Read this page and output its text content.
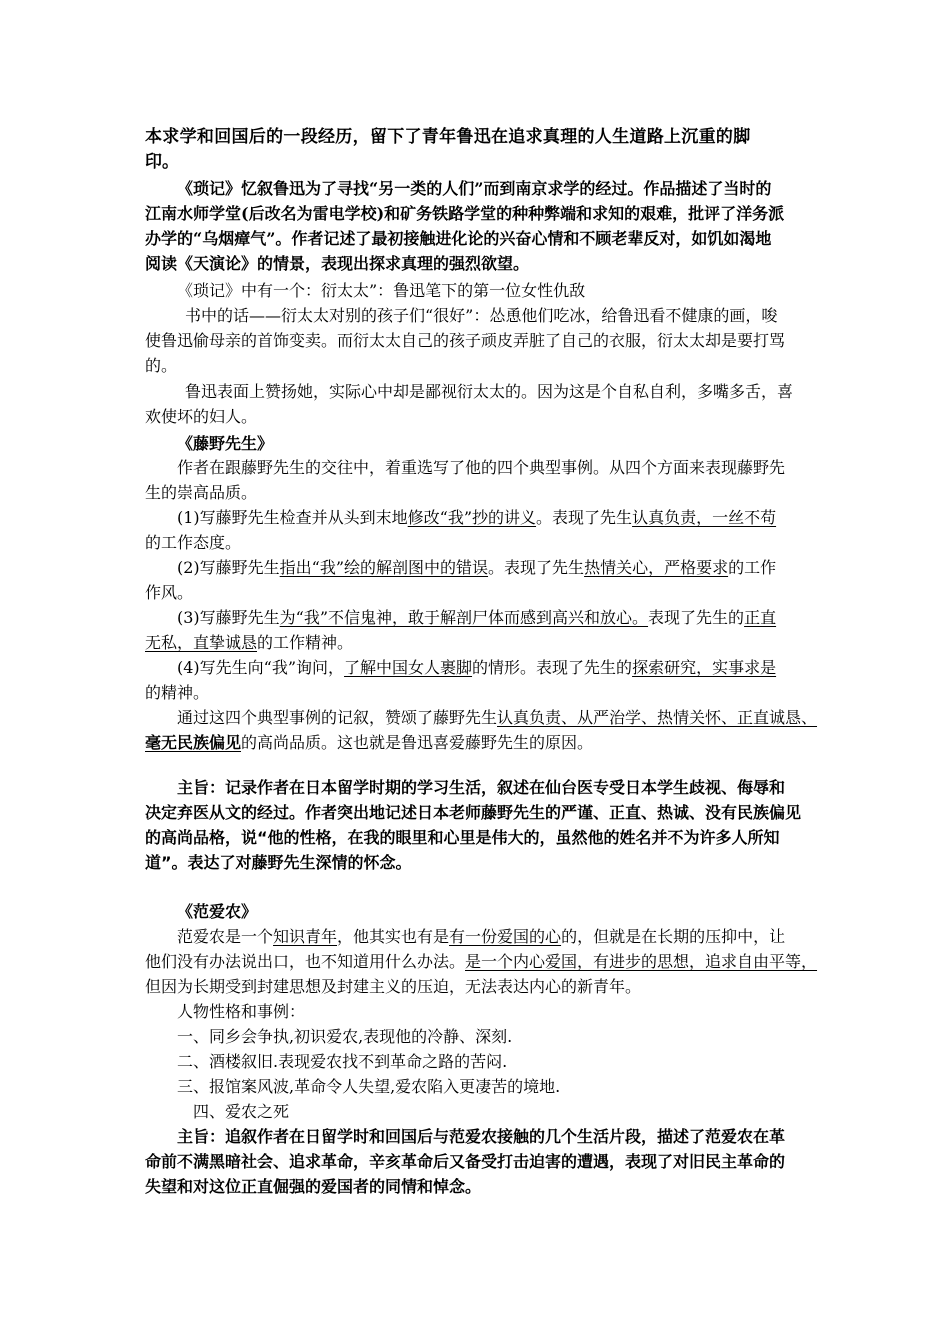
本求学和回国后的一段经历，留下了青年鲁迅在追求真理的人生道路上沉重的脚
印。
《琐记》忆叙鲁迅为了寻找“另一类的人们”而到南京求学的经过。作品描述了当时的
江南水师学堂(后改名为雷电学校)和矿务铁路学堂的种种弊端和求知的艰难，批评了洋务派
办学的“乌烟瘴气”。作者记述了最初接触进化论的兴奋心情和不顾老辈反对，如饥如渴地
阅读《天演论》的情景，表现出探求真理的强烈欲望。
《琐记》中有一个：衍太太”：鲁迅笔下的第一位女性仇敌
书中的话——衍太太对别的孩子们“很好”：怂恿他们吃冰，给鲁迅看不健康的画，唆
使鲁迅偷母亲的首饰变卖。而衍太太自己的孩子顽皮弄脏了自己的衣服，衍太太却是要打骂
的。
鲁迅表面上赞扬她，实际心中却是鄙视衍太太的。因为这是个自私自利，多嘴多舌，喜
欢使坏的妇人。
《藤野先生》
作者在跟藤野先生的交往中，着重选写了他的四个典型事例。从四个方面来表现藤野先
生的崇高品质。
(1)写藤野先生检查并从头到末地修改“我”抄的讲义。表现了先生认真负责，一丝不苟
的工作态度。
(2)写藤野先生指出“我”绘的解剖图中的错误。表现了先生热情关心，严格要求的工作
作风。
(3)写藤野先生为“我”不信鬼神，敢于解剖尸体而感到高兴和放心。表现了先生的正直
无私，直挚诚恳的工作精神。
(4)写先生向“我”询问，了解中国女人裹脚的情形。表现了先生的探索研究，实事求是
的精神。
通过这四个典型事例的记叙，赞颂了藤野先生认真负责、从严治学、热情关怀、正直诚恳、
毫无民族偏见的高尚品质。这也就是鲁迅喜爱藤野先生的原因。
主旨：记录作者在日本留学时期的学习生活，叙述在仙台医专受日本学生歧视、侮辱和
决定弃医从文的经过。作者突出地记述日本老师藤野先生的严谨、正直、热诚、没有民族偏见
的高尚品格，说“他的性格，在我的眼里和心里是伟大的，虽然他的姓名并不为许多人所知
道”。表达了对藤野先生深情的怀念。
《范爱农》
范爱农是一个知识青年，他其实也有是有一份爱国的心的，但就是在长期的压抑中，让
他们没有办法说出口，也不知道用什么办法。是一个内心爱国，有进步的思想，追求自由平等，
但因为长期受到封建思想及封建主义的压迫，无法表达内心的新青年。
人物性格和事例：
一、同乡会争执,初识爱农,表现他的冷静、深刻.
二、酒楼叙旧.表现爱农找不到革命之路的苦闷.
三、报馆案风波,革命令人失望,爱农陷入更凄苦的境地.
四、爱农之死
主旨：追叙作者在日留学时和回国后与范爱农接触的几个生活片段，描述了范爱农在革
命前不满黑暗社会、追求革命，辛亥革命后又备受打击迫害的遭遇，表现了对旧民主革命的
失望和对这位正直倔强的爱国者的同情和悼念。
